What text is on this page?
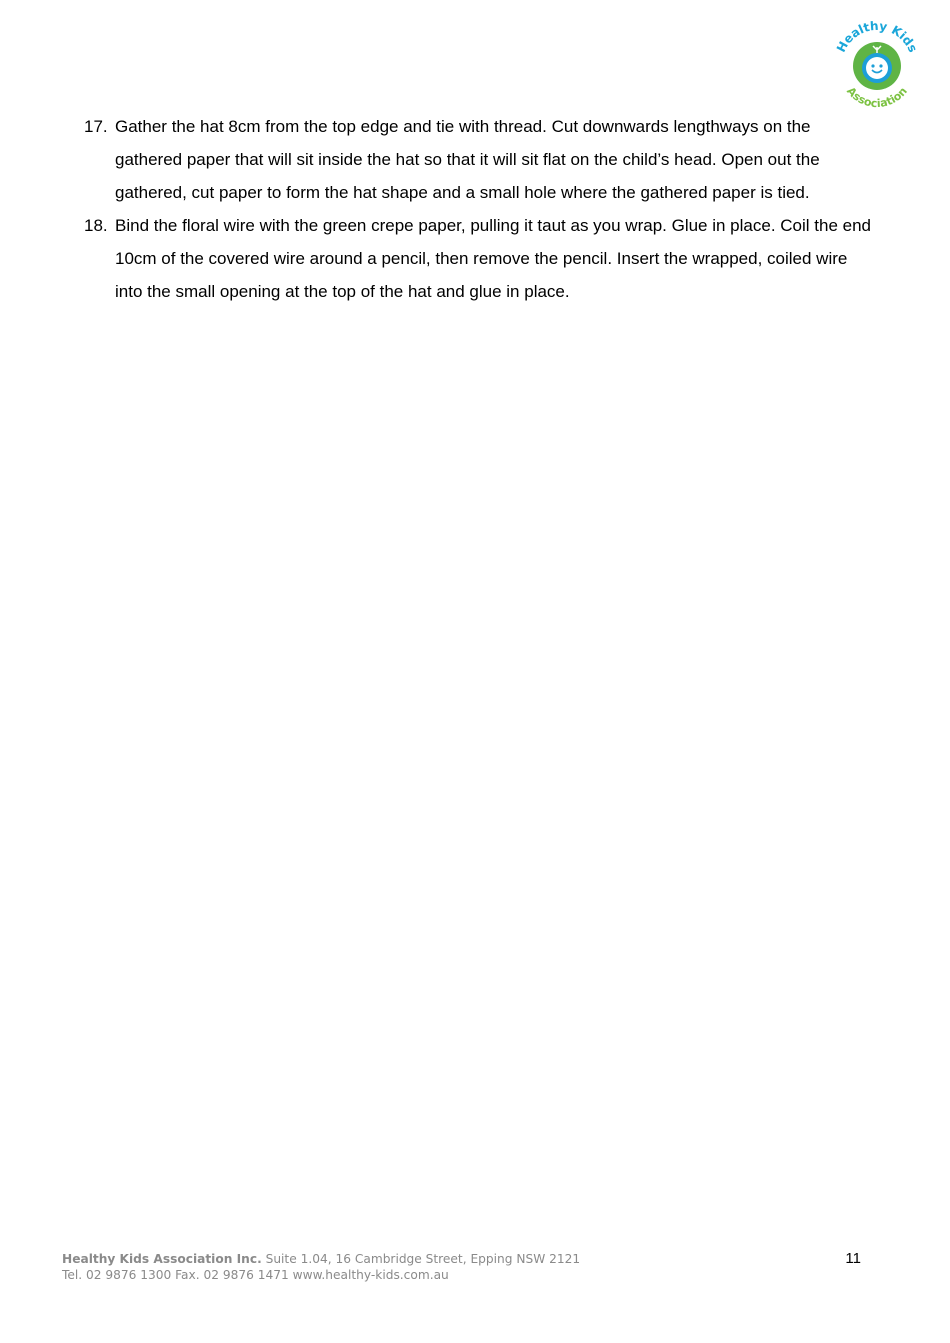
Healthy Kids
Association
17. Gather the hat 8cm from the top edge and tie with thread. Cut downwards lengthways on the gathered paper that will sit inside the hat so that it will sit flat on the child’s head. Open out the gathered, cut paper to form the hat shape and a small hole where the gathered paper is tied.
18. Bind the floral wire with the green crepe paper, pulling it taut as you wrap. Glue in place. Coil the end 10cm of the covered wire around a pencil, then remove the pencil. Insert the wrapped, coiled wire into the small opening at the top of the hat and glue in place.
Healthy Kids Association Inc. Suite 1.04, 16 Cambridge Street, Epping NSW 2121
Tel. 02 9876 1300 Fax. 02 9876 1471 www.healthy-kids.com.au
11
